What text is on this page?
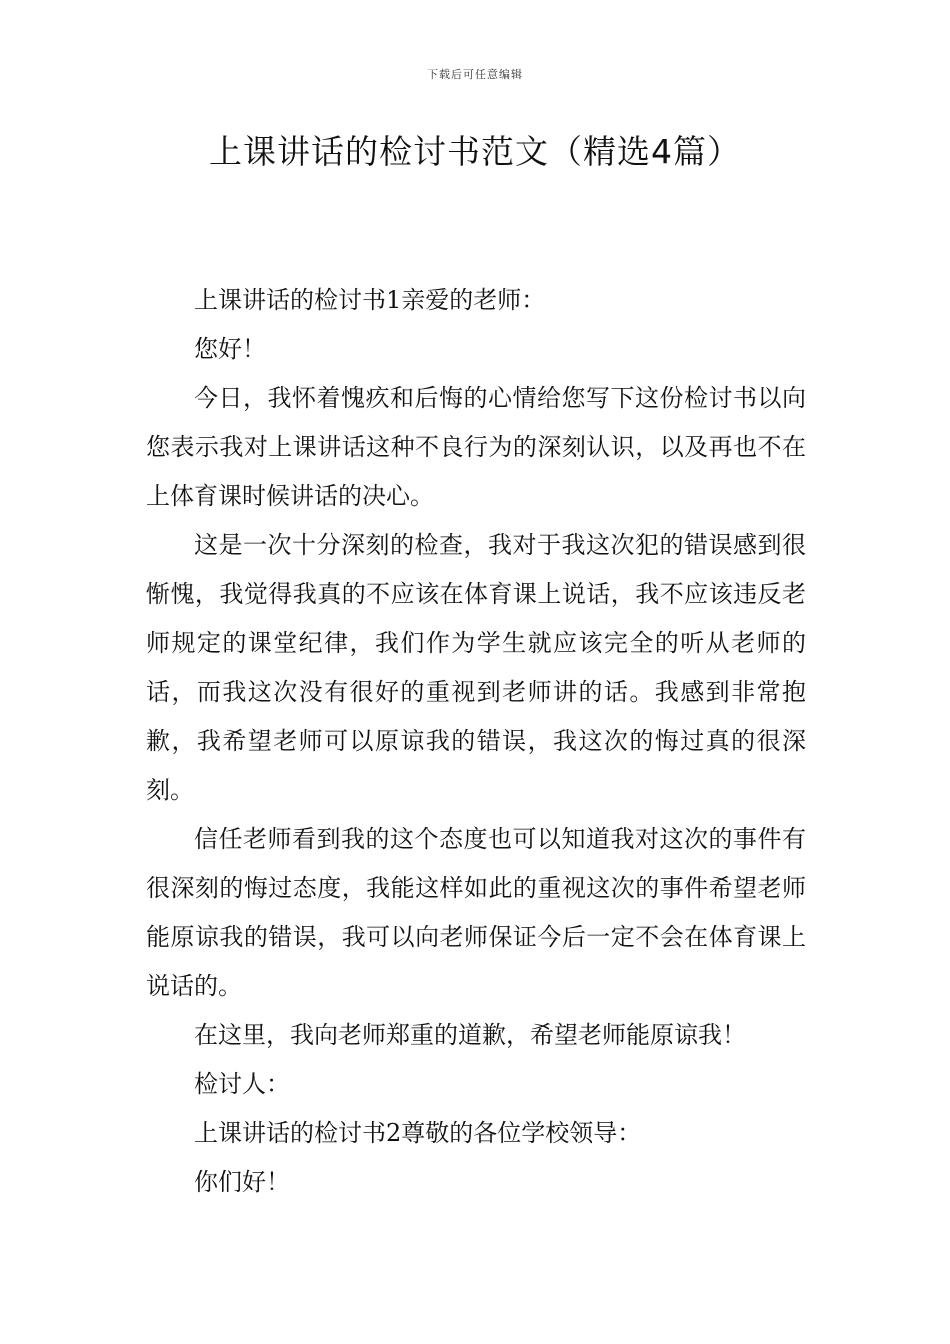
下载后可任意编辑
上课讲话的检讨书范文（精选4篇）

上课讲话的检讨书1亲爱的老师：

您好！

今日，我怀着愧疚和后悔的心情给您写下这份检讨书以向您表示我对上课讲话这种不良行为的深刻认识，以及再也不在上体育课时候讲话的决心。

这是一次十分深刻的检查，我对于我这次犯的错误感到很惭愧，我觉得我真的不应该在体育课上说话，我不应该违反老师规定的课堂纪律，我们作为学生就应该完全的听从老师的话，而我这次没有很好的重视到老师讲的话。我感到非常抱歉，我希望老师可以原谅我的错误，我这次的悔过真的很深刻。

信任老师看到我的这个态度也可以知道我对这次的事件有很深刻的悔过态度，我能这样如此的重视这次的事件希望老师能原谅我的错误，我可以向老师保证今后一定不会在体育课上说话的。

在这里，我向老师郑重的道歉，希望老师能原谅我！

检讨人：

上课讲话的检讨书2尊敬的各位学校领导：

你们好！
